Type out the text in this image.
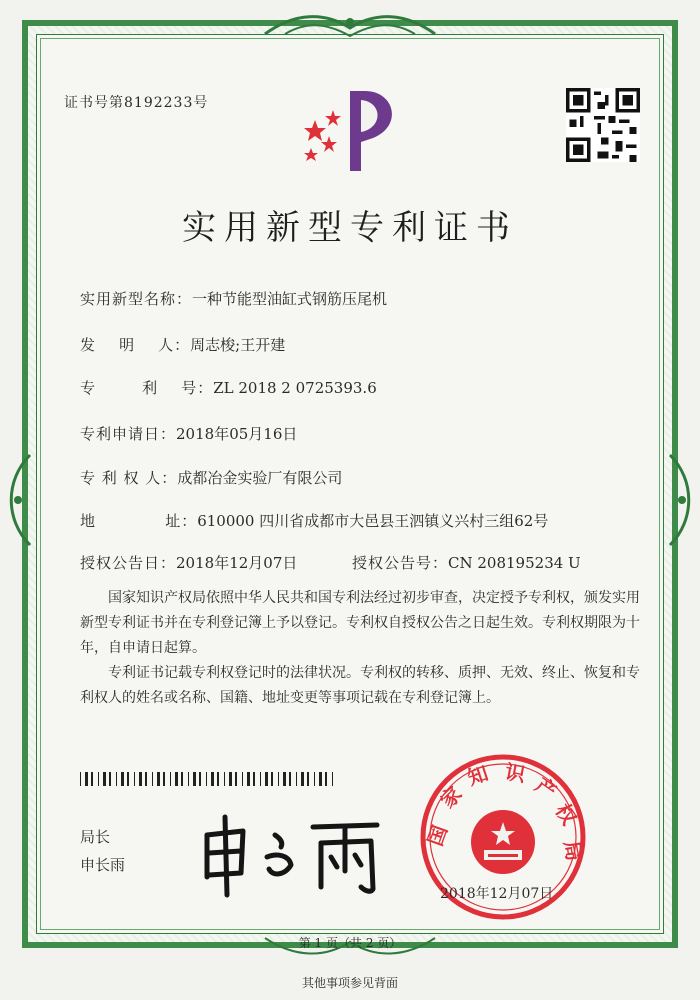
证书号第8192233号
实用新型专利证书
实用新型名称：一种节能型油缸式钢筋压尾机
发    明    人：周志梭;王开建
专        利    号：ZL 2018 2 0725393.6
专利申请日：2018年05月16日
专 利 权 人：成都冶金实验厂有限公司
地            址：610000 四川省成都市大邑县王泗镇义兴村三组62号
授权公告日：2018年12月07日	授权公告号：CN 208195234 U

国家知识产权局依照中华人民共和国专利法经过初步审查，决定授予专利权，颁发实用新型专利证书并在专利登记簿上予以登记。专利权自授权公告之日起生效。专利权期限为十年，自申请日起算。

专利证书记载专利权登记时的法律状况。专利权的转移、质押、无效、终止、恢复和专利权人的姓名或名称、国籍、地址变更等事项记载在专利登记簿上。

局长
申长雨
国
家
知 识 产
权
局
2018年12月07日
第 1 页（共 2 页）
其他事项参见背面
